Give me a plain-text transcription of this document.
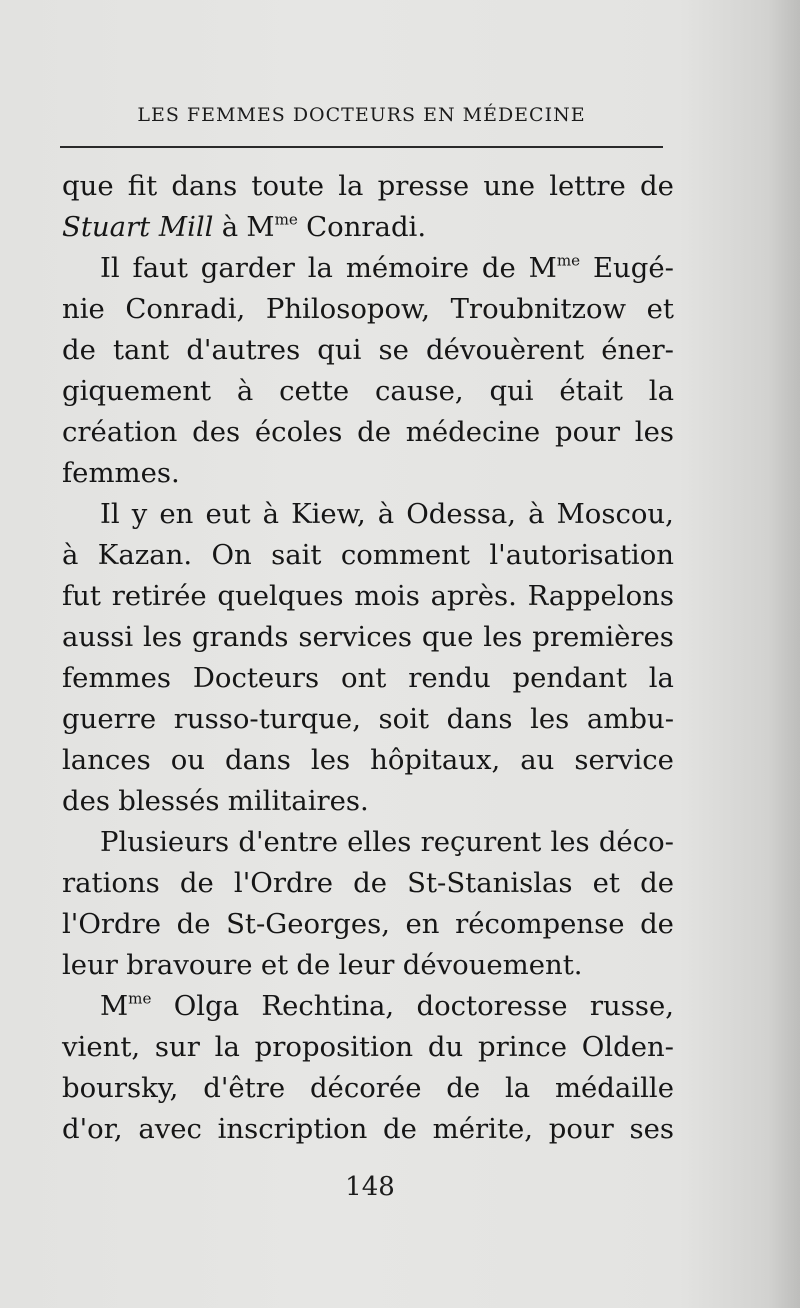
LES FEMMES DOCTEURS EN MÉDECINE
que fit dans toute la presse une lettre de
Stuart Mill à $M^{me}$ Conradi.
Il faut garder la mémoire de $M^{me}$ Eugé-
nie Conradi, Philosopow, Troubnitzow et
de tant d'autres qui se dévouèrent éner-
giquement à cette cause, qui était la
création des écoles de médecine pour les
femmes.
Il y en eut à Kiew, à Odessa, à Moscou,
à Kazan. On sait comment l'autorisation
fut retirée quelques mois après. Rappelons
aussi les grands services que les premières
femmes Docteurs ont rendu pendant la
guerre russo-turque, soit dans les ambu-
lances ou dans les hôpitaux, au service
des blessés militaires.
Plusieurs d'entre elles reçurent les déco-
rations de l'Ordre de St-Stanislas et de
l'Ordre de St-Georges, en récompense de
leur bravoure et de leur dévouement.
$M^{me}$ Olga Rechtina, doctoresse russe,
vient, sur la proposition du prince Olden-
boursky, d'être décorée de la médaille
d'or, avec inscription de mérite, pour ses
148
